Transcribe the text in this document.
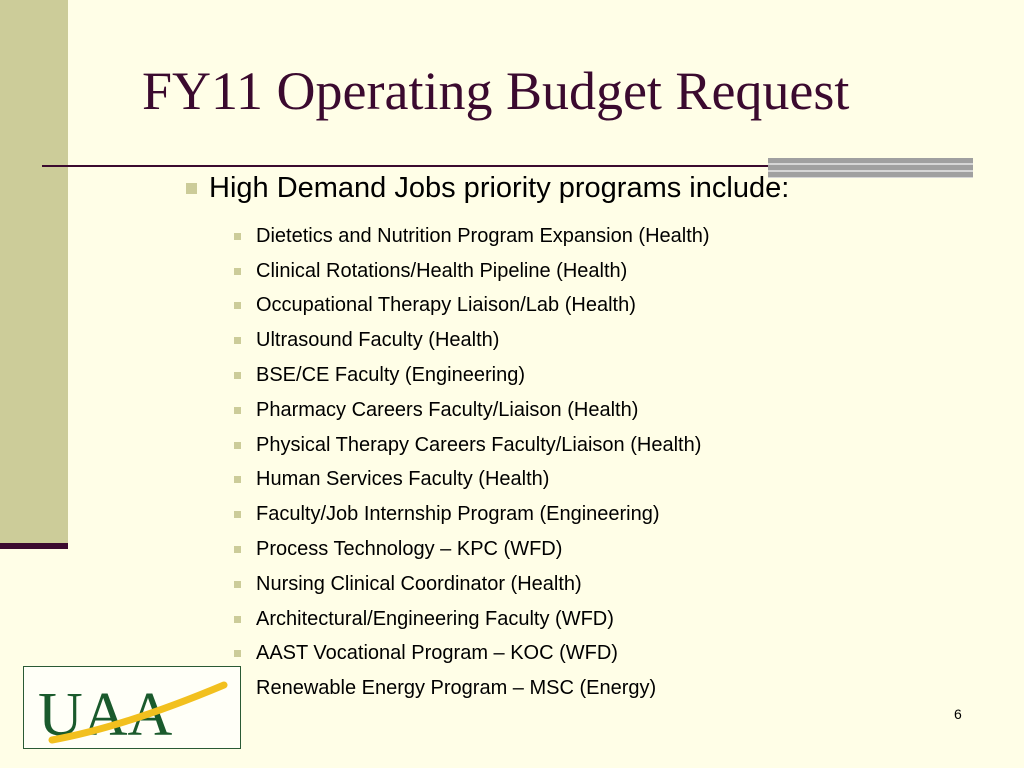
FY11 Operating Budget Request
High Demand Jobs priority programs include:
Dietetics and Nutrition Program Expansion (Health)
Clinical Rotations/Health Pipeline (Health)
Occupational Therapy Liaison/Lab (Health)
Ultrasound Faculty (Health)
BSE/CE Faculty (Engineering)
Pharmacy Careers Faculty/Liaison (Health)
Physical Therapy Careers Faculty/Liaison (Health)
Human Services Faculty (Health)
Faculty/Job Internship Program (Engineering)
Process Technology – KPC (WFD)
Nursing Clinical Coordinator (Health)
Architectural/Engineering Faculty (WFD)
AAST Vocational Program – KOC (WFD)
Renewable Energy Program – MSC (Energy)
UAA	6
